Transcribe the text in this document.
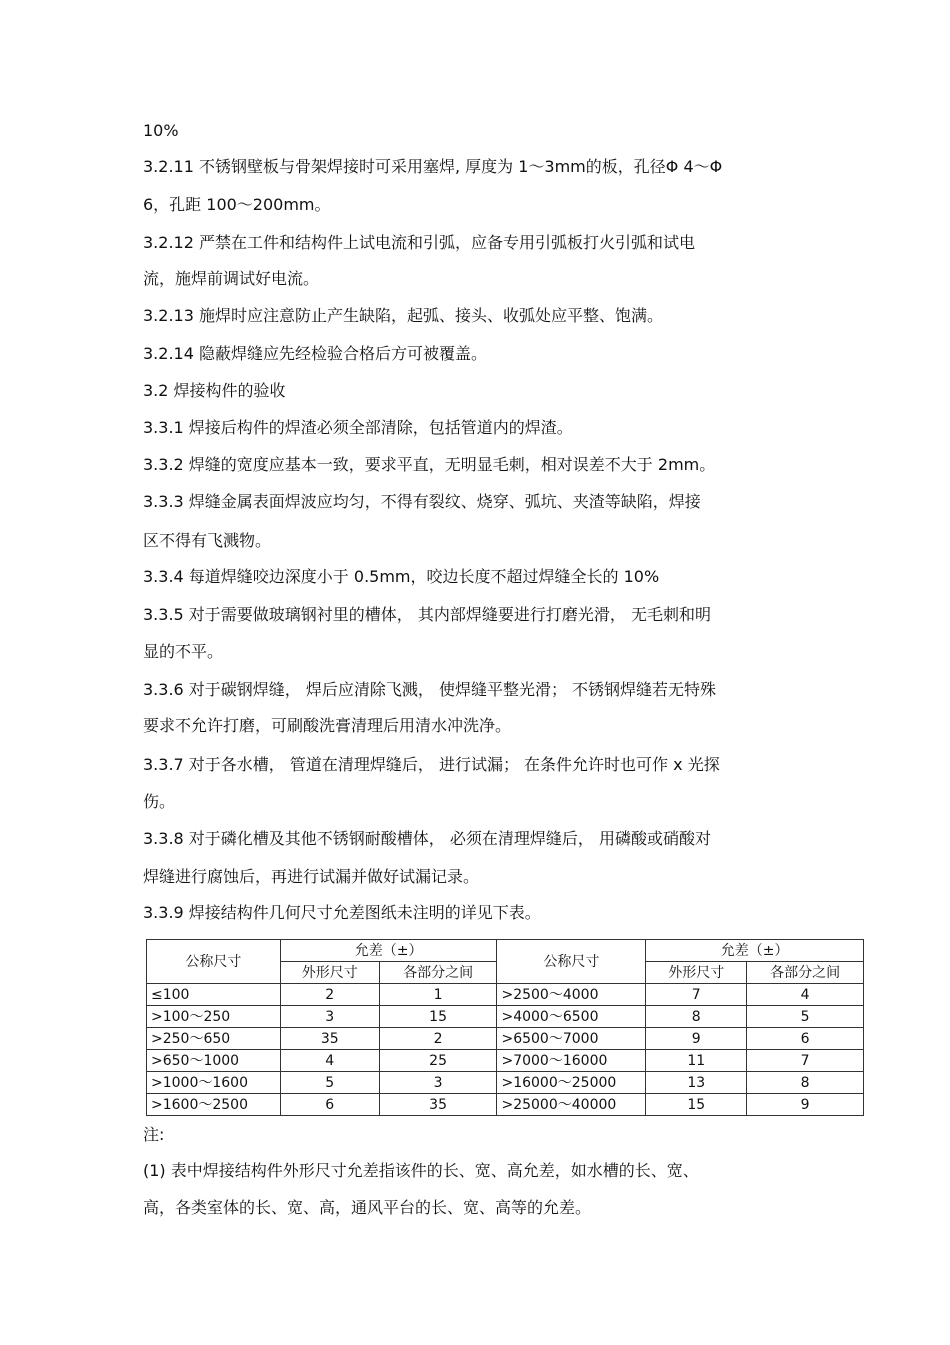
10%
3.2.11 不锈钢壁板与骨架焊接时可采用塞焊, 厚度为 1～3mm的板，孔径Φ 4～Φ
6，孔距 100～200mm。
3.2.12 严禁在工件和结构件上试电流和引弧，应备专用引弧板打火引弧和试电
流，施焊前调试好电流。
3.2.13 施焊时应注意防止产生缺陷，起弧、接头、收弧处应平整、饱满。
3.2.14 隐蔽焊缝应先经检验合格后方可被覆盖。
3.2 焊接构件的验收
3.3.1 焊接后构件的焊渣必须全部清除，包括管道内的焊渣。
3.3.2 焊缝的宽度应基本一致，要求平直，无明显毛刺，相对误差不大于 2mm。
3.3.3 焊缝金属表面焊波应均匀，不得有裂纹、烧穿、弧坑、夹渣等缺陷，焊接
区不得有飞溅物。
3.3.4 每道焊缝咬边深度小于 0.5mm，咬边长度不超过焊缝全长的 10%
3.3.5 对于需要做玻璃钢衬里的槽体， 其内部焊缝要进行打磨光滑， 无毛刺和明
显的不平。
3.3.6 对于碳钢焊缝， 焊后应清除飞溅， 使焊缝平整光滑； 不锈钢焊缝若无特殊
要求不允许打磨，可刷酸洗膏清理后用清水冲洗净。
3.3.7 对于各水槽， 管道在清理焊缝后， 进行试漏； 在条件允许时也可作 x 光探
伤。
3.3.8 对于磷化槽及其他不锈钢耐酸槽体， 必须在清理焊缝后， 用磷酸或硝酸对
焊缝进行腐蚀后，再进行试漏并做好试漏记录。
3.3.9 焊接结构件几何尺寸允差图纸未注明的详见下表。
公称尺寸	允差（±）		公称尺寸	允差（±）	
	外形尺寸	各部分之间		外形尺寸	各部分之间
≤100	2	1	>2500～4000	7	4
>100～250	3	15	>4000～6500	8	5
>250～650	35	2	>6500～7000	9	6
>650～1000	4	25	>7000～16000	11	7
>1000～1600	5	3	>16000～25000	13	8
>1600～2500	6	35	>25000～40000	15	9
注:
(1) 表中焊接结构件外形尺寸允差指该件的长、宽、高允差，如水槽的长、宽、
高，各类室体的长、宽、高，通风平台的长、宽、高等的允差。
